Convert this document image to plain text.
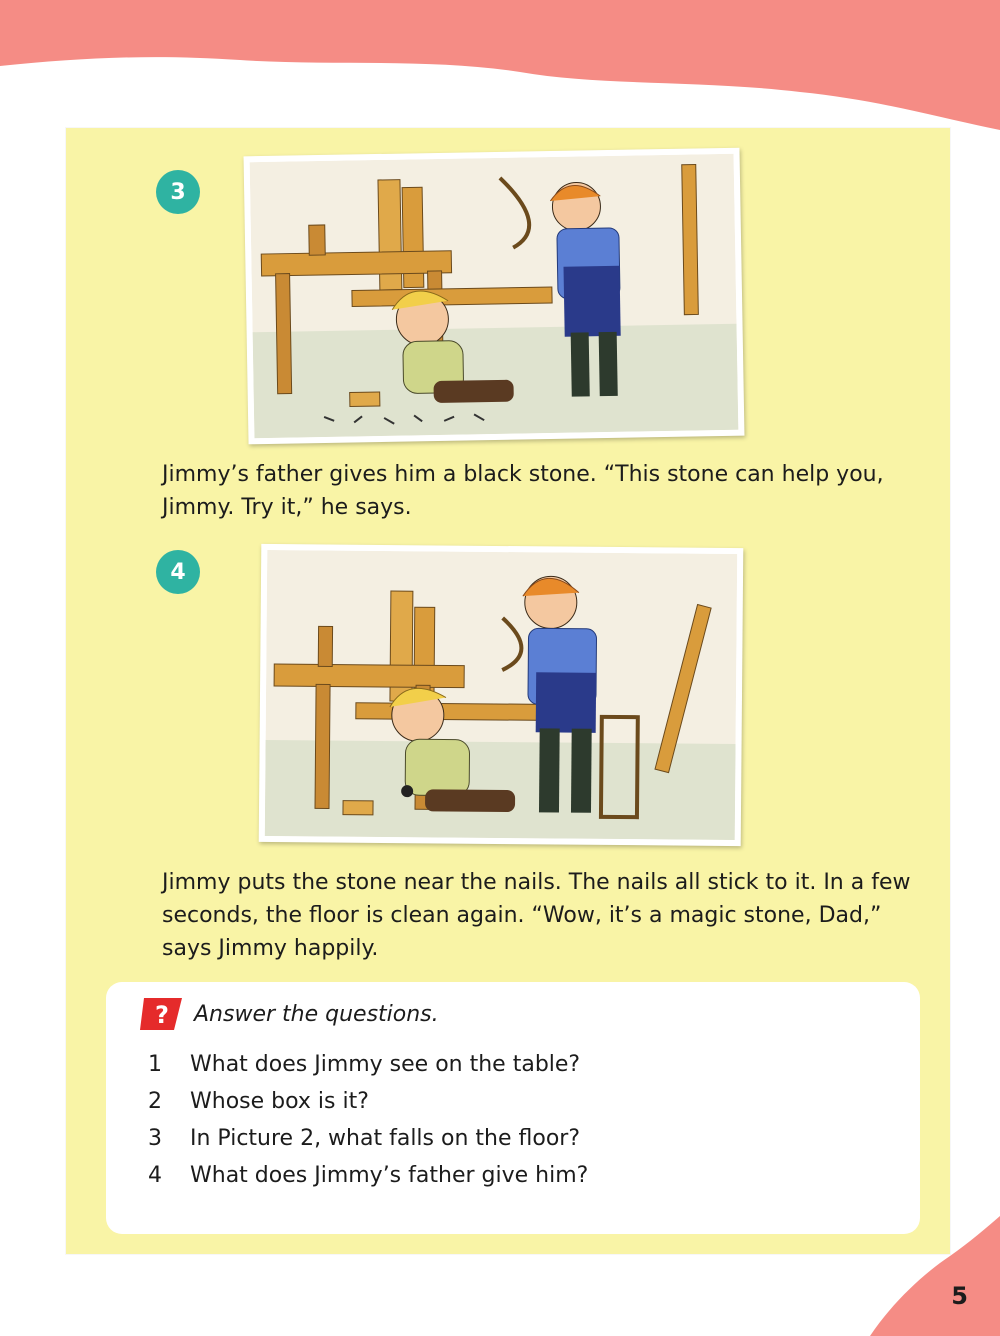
3

Jimmy’s father gives him a black stone. “This stone can help you, Jimmy. Try it,” he says.

4

Jimmy puts the stone near the nails. The nails all stick to it. In a few seconds, the floor is clean again. “Wow, it’s a magic stone, Dad,” says Jimmy happily.

? Answer the questions.
1 What does Jimmy see on the table?
2 Whose box is it?
3 In Picture 2, what falls on the floor?
4 What does Jimmy’s father give him?
5
